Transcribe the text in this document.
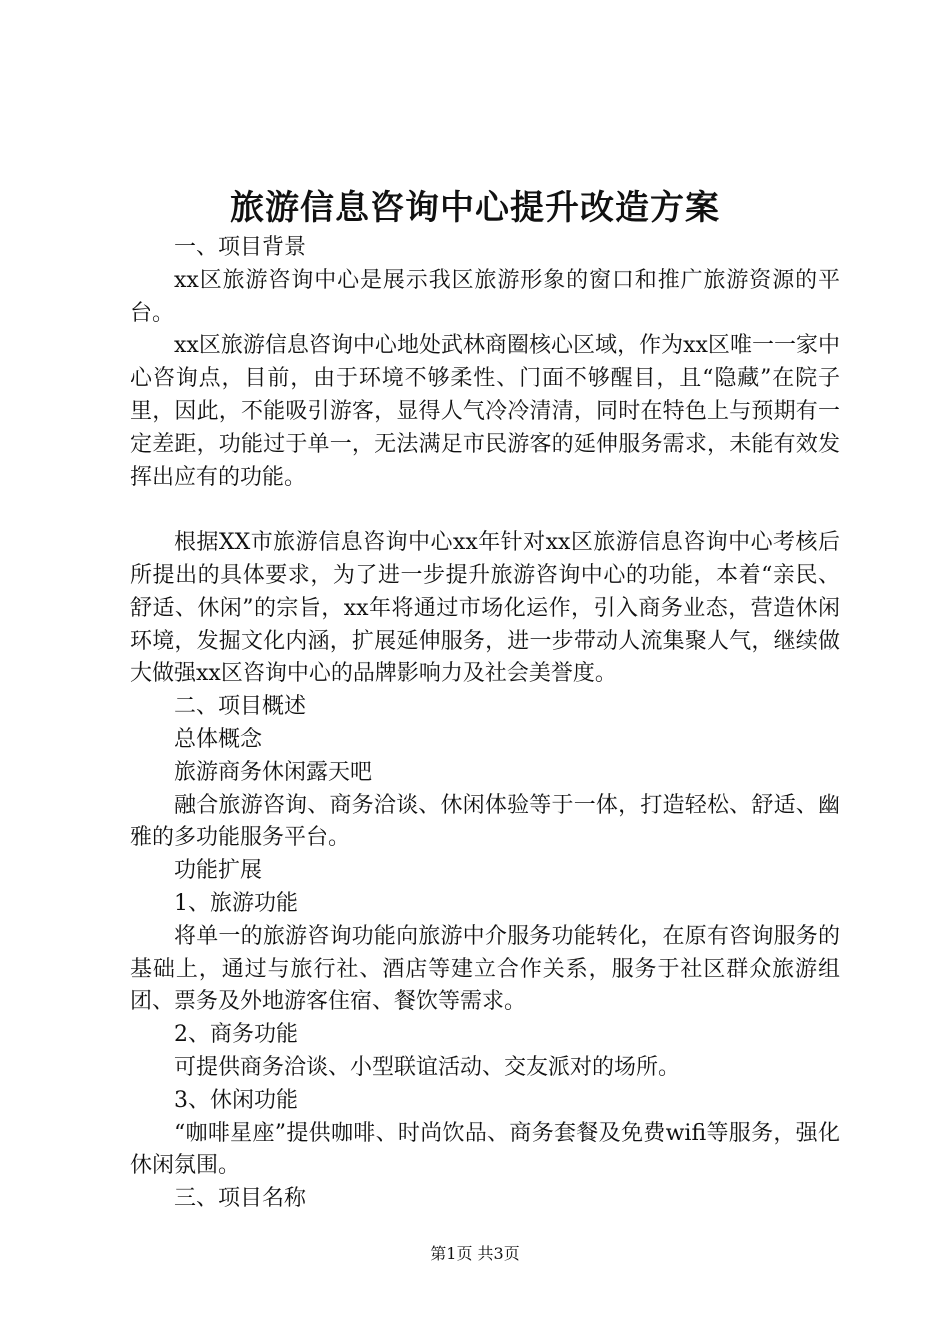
旅游信息咨询中心提升改造方案

一、项目背景

xx区旅游咨询中心是展示我区旅游形象的窗口和推广旅游资源的平台。

xx区旅游信息咨询中心地处武林商圈核心区域，作为xx区唯一一家中心咨询点，目前，由于环境不够柔性、门面不够醒目，且“隐藏”在院子里，因此，不能吸引游客，显得人气冷冷清清，同时在特色上与预期有一定差距，功能过于单一，无法满足市民游客的延伸服务需求，未能有效发挥出应有的功能。

根据XX市旅游信息咨询中心xx年针对xx区旅游信息咨询中心考核后所提出的具体要求，为了进一步提升旅游咨询中心的功能，本着“亲民、舒适、休闲”的宗旨，xx年将通过市场化运作，引入商务业态，营造休闲环境，发掘文化内涵，扩展延伸服务，进一步带动人流集聚人气，继续做大做强xx区咨询中心的品牌影响力及社会美誉度。

二、项目概述

总体概念

旅游商务休闲露天吧

融合旅游咨询、商务洽谈、休闲体验等于一体，打造轻松、舒适、幽雅的多功能服务平台。

功能扩展

1、旅游功能

将单一的旅游咨询功能向旅游中介服务功能转化，在原有咨询服务的基础上，通过与旅行社、酒店等建立合作关系，服务于社区群众旅游组团、票务及外地游客住宿、餐饮等需求。

2、商务功能

可提供商务洽谈、小型联谊活动、交友派对的场所。

3、休闲功能

“咖啡星座”提供咖啡、时尚饮品、商务套餐及免费wifi等服务，强化休闲氛围。

三、项目名称

第1页 共3页
